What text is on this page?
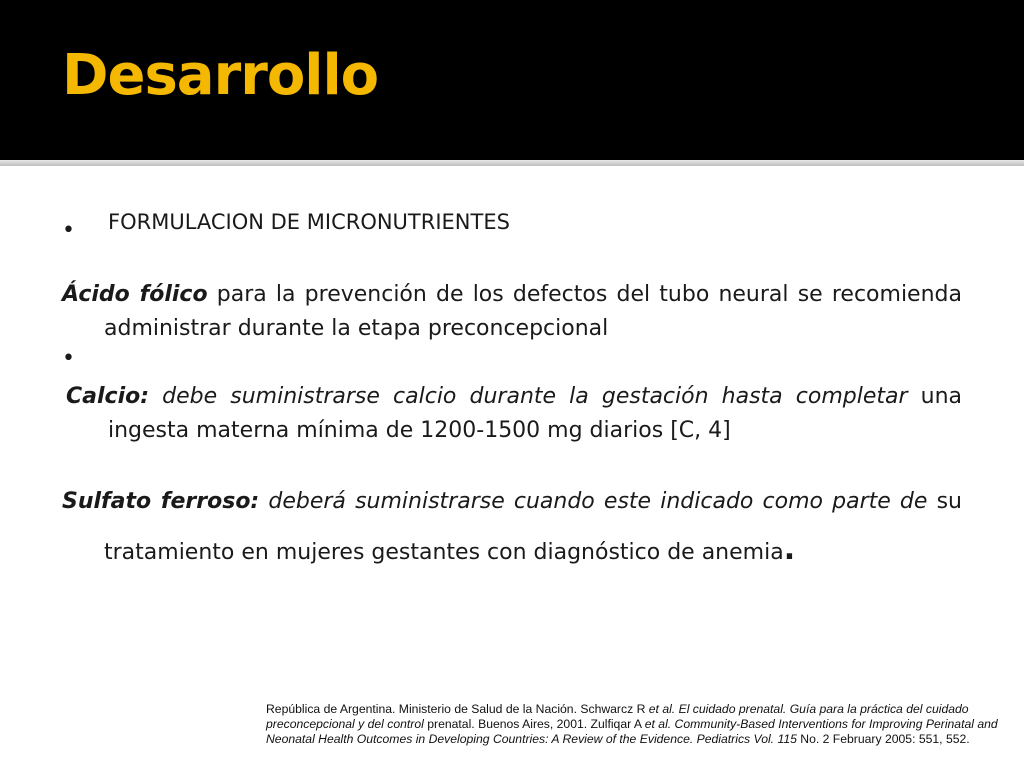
Desarrollo
FORMULACION DE MICRONUTRIENTES
•
Ácido fólico para la prevención de los defectos del tubo neural se recomienda administrar durante la etapa preconcepcional
•
Calcio: debe suministrarse calcio durante la gestación hasta completar una ingesta materna mínima de 1200-1500 mg diarios [C, 4]
Sulfato ferroso: deberá suministrarse cuando este indicado como parte de su tratamiento en mujeres gestantes con diagnóstico de anemia.
República de Argentina. Ministerio de Salud de la Nación. Schwarcz R et al. El cuidado prenatal. Guía para la práctica del cuidado preconcepcional y del control prenatal. Buenos Aires, 2001. Zulfiqar A et al. Community-Based Interventions for Improving Perinatal and Neonatal Health Outcomes in Developing Countries: A Review of the Evidence. Pediatrics Vol. 115 No. 2 February 2005: 551, 552.
